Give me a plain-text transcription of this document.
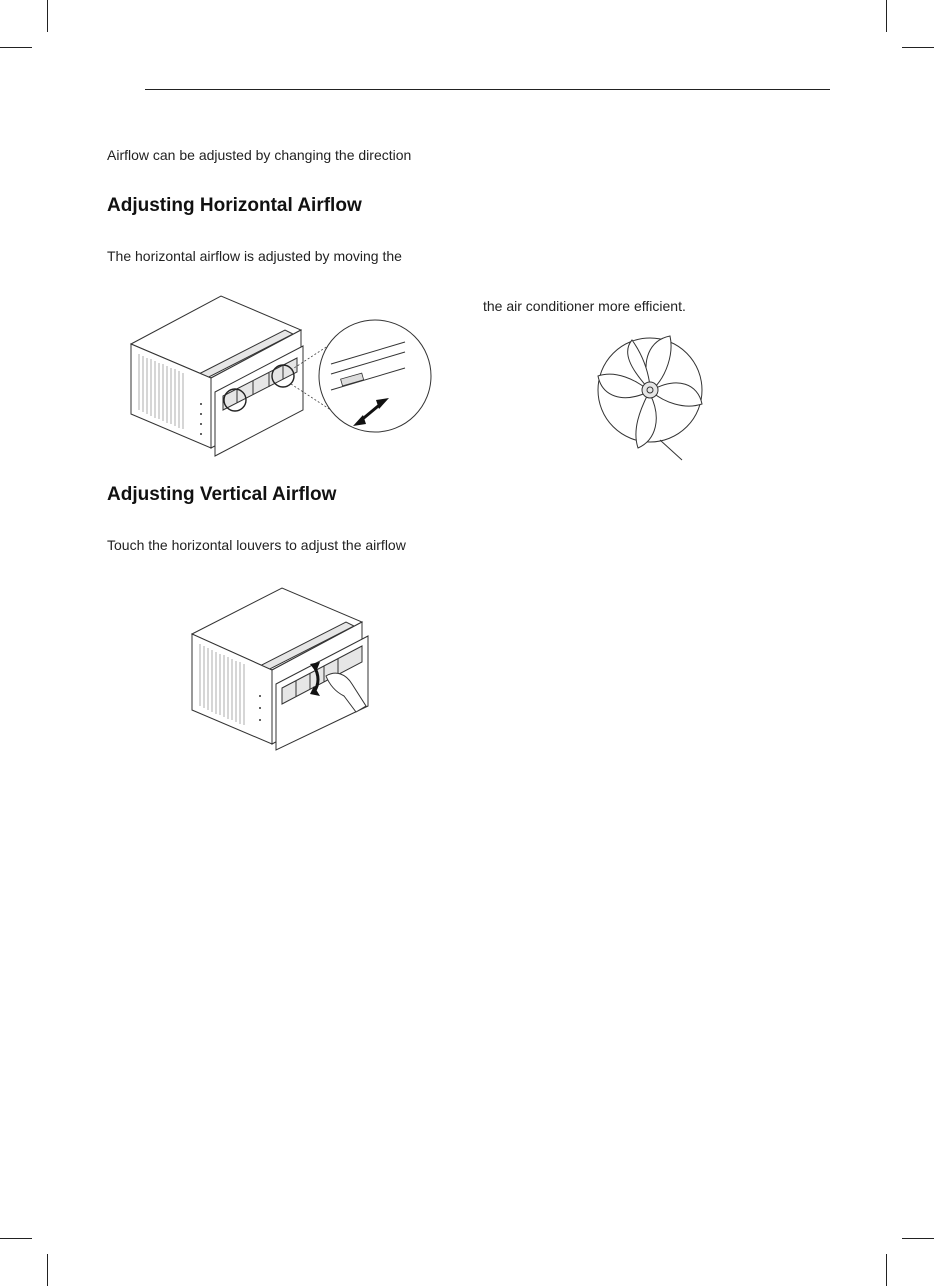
Airflow can be adjusted by changing the direction
Adjusting Horizontal Airflow
The horizontal airflow is adjusted by moving the
the air conditioner more efficient.
Adjusting Vertical Airflow
Touch the horizontal louvers to adjust the airflow
